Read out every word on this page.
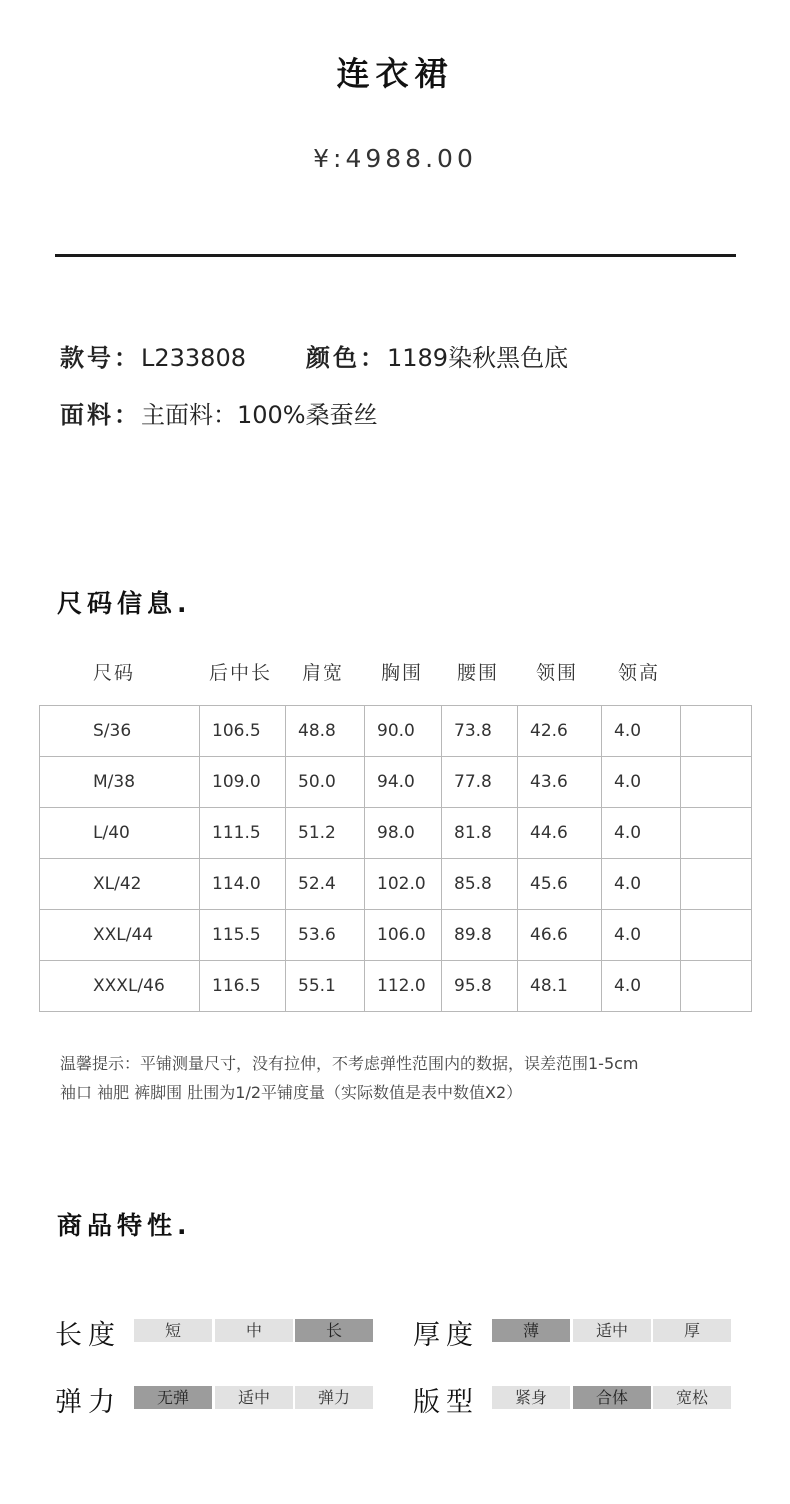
连衣裙
¥:4988.00
款号：L233808	颜色：1189染秋黑色底
面料：主面料：100%桑蚕丝
尺码信息.
尺码	后中长 肩宽 胸围 腰围 领围 领高
S/36	106.5	48.8	90.0	73.8	42.6	4.0	
M/38	109.0	50.0	94.0	77.8	43.6	4.0	
L/40	111.5	51.2	98.0	81.8	44.6	4.0	
XL/42	114.0	52.4	102.0	85.8	45.6	4.0	
XXL/44	115.5	53.6	106.0	89.8	46.6	4.0	
XXXL/46	116.5	55.1	112.0	95.8	48.1	4.0	
温馨提示：平铺测量尺寸，没有拉伸，不考虑弹性范围内的数据，误差范围1-5cm
袖口 袖肥 裤脚围 肚围为1/2平铺度量（实际数值是表中数值X2）
商品特性.
长度	短	中	长	厚度	薄	适中	厚
弹力	无弹	适中	弹力	版型	紧身	合体	宽松
